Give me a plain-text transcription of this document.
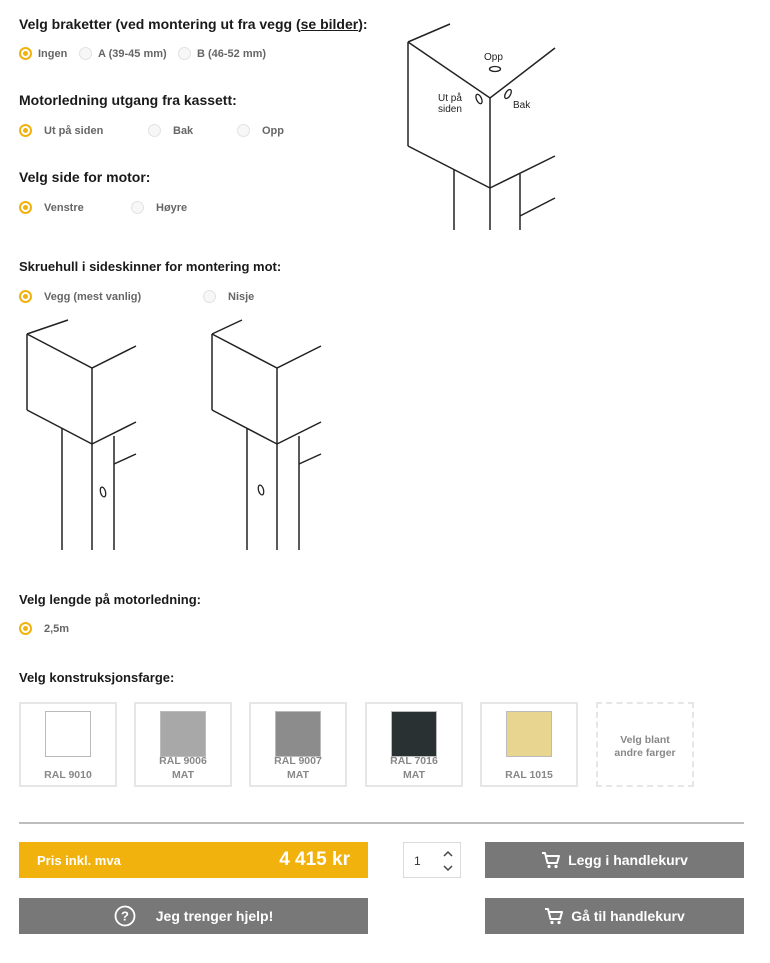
Velg braketter (ved montering ut fra vegg (se bilder):
Ingen	A (39-45 mm)	B (46-52 mm)
Motorledning utgang fra kassett:
Ut på siden	Bak	Opp
Velg side for motor:
Venstre	Høyre
Opp
Ut på
siden	Bak
Skruehull i sideskinner for montering mot:
Vegg (mest vanlig)	Nisje
Velg lengde på motorledning:
2,5m
Velg konstruksjonsfarge:
RAL 9010
RAL 9006
MAT
RAL 9007
MAT
RAL 7016
MAT	RAL 1015
Velg blant
andre farger
Pris inkl. mva	4 415 kr	1	Legg i handlekurv
? Jeg trenger hjelp!	Gå til handlekurv
